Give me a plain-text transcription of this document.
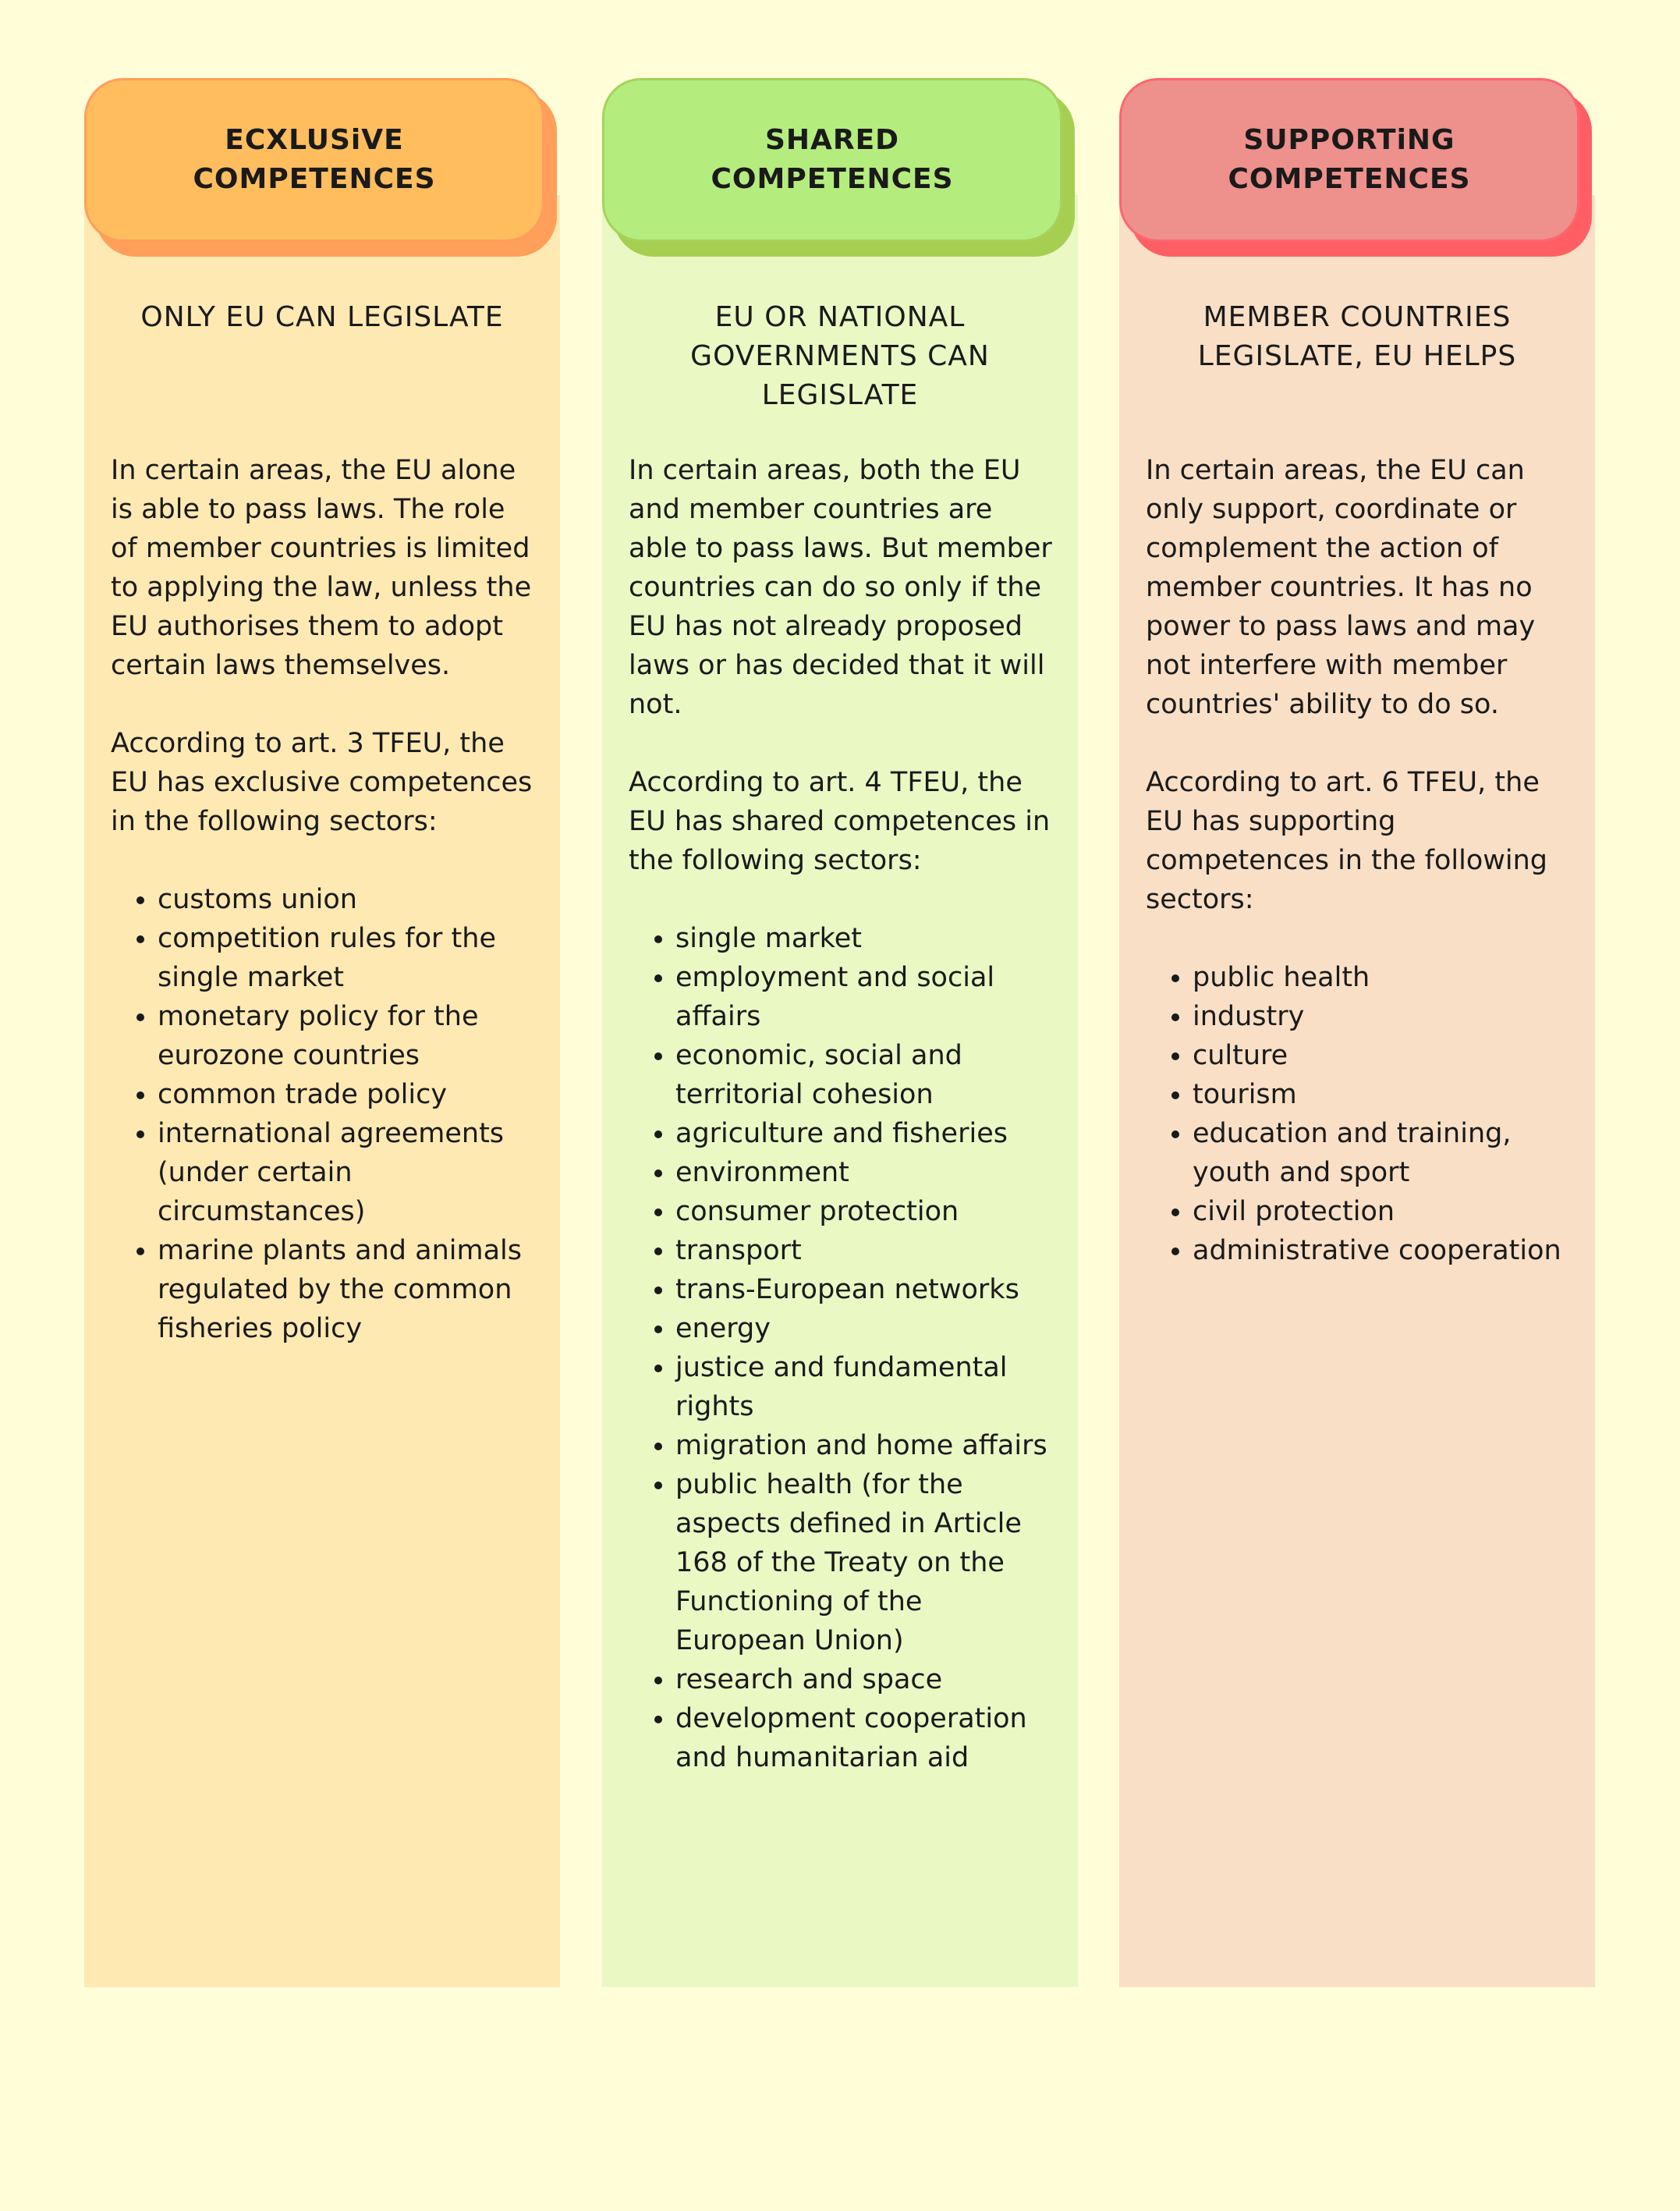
ECXLUSiVE COMPETENCES
ONLY EU CAN LEGISLATE

In certain areas, the EU alone is able to pass laws. The role of member countries is limited to applying the law, unless the EU authorises them to adopt certain laws themselves.

According to art. 3 TFEU, the EU has exclusive competences in the following sectors:

• customs union
• competition rules for the single market
• monetary policy for the eurozone countries
• common trade policy
• international agreements (under certain circumstances)
• marine plants and animals regulated by the common fisheries policy
SHARED COMPETENCES
EU OR NATIONAL GOVERNMENTS CAN LEGISLATE

In certain areas, both the EU and member countries are able to pass laws. But member countries can do so only if the EU has not already proposed laws or has decided that it will not.

According to art. 4 TFEU, the EU has shared competences in the following sectors:

• single market
• employment and social affairs
• economic, social and territorial cohesion
• agriculture and fisheries
• environment
• consumer protection
• transport
• trans-European networks
• energy
• justice and fundamental rights
• migration and home affairs
• public health (for the aspects defined in Article 168 of the Treaty on the Functioning of the European Union)
• research and space
• development cooperation and humanitarian aid
SUPPORTiNG COMPETENCES
MEMBER COUNTRIES LEGISLATE, EU HELPS

In certain areas, the EU can only support, coordinate or complement the action of member countries. It has no power to pass laws and may not interfere with member countries' ability to do so.

According to art. 6 TFEU, the EU has supporting competences in the following sectors:

• public health
• industry
• culture
• tourism
• education and training, youth and sport
• civil protection
• administrative cooperation
